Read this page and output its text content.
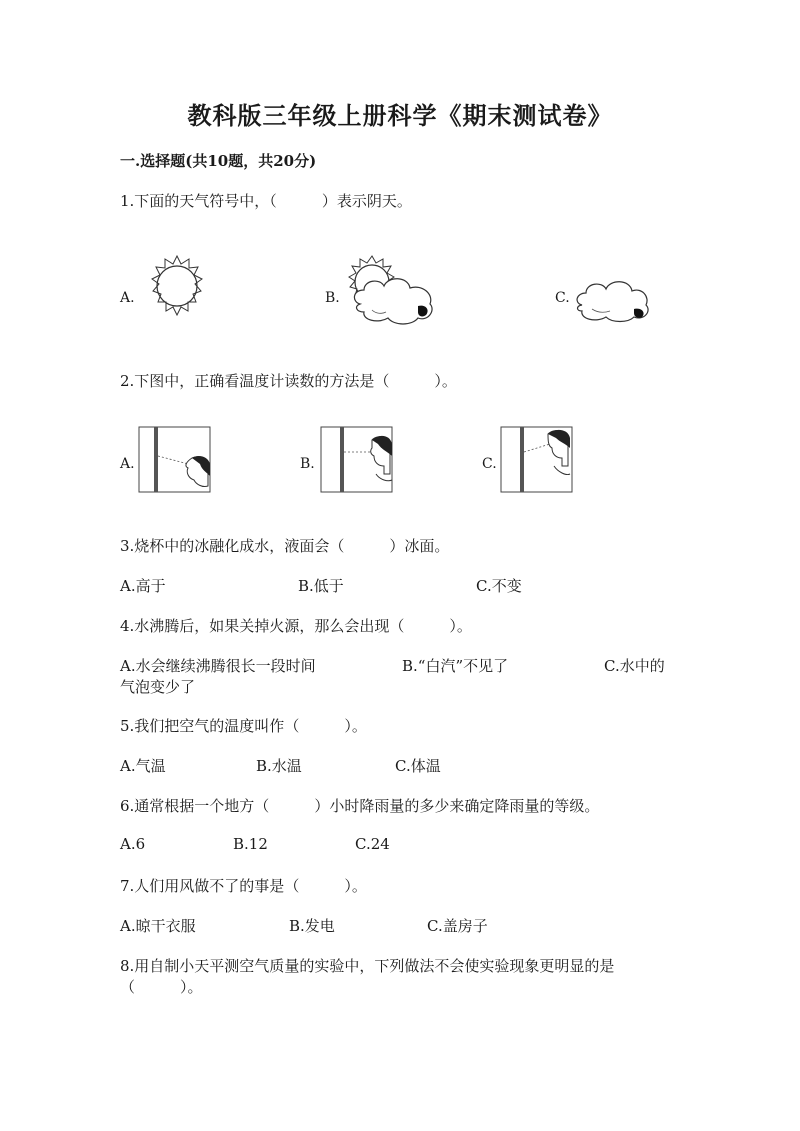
教科版三年级上册科学《期末测试卷》
一.选择题(共10题，共20分)
1.下面的天气符号中，（　　　）表示阴天。
A.	B.	C.
2.下图中，正确看温度计读数的方法是（　　　）。
A.	B.	C.
3.烧杯中的冰融化成水，液面会（　　　）冰面。
A.高于	B.低于	C.不变
4.水沸腾后，如果关掉火源，那么会出现（　　　）。
A.水会继续沸腾很长一段时间	B.“白汽”不见了	C.水中的
气泡变少了
5.我们把空气的温度叫作（　　　）。
A.气温	B.水温	C.体温
6.通常根据一个地方（　　　）小时降雨量的多少来确定降雨量的等级。
A.6	B.12	C.24
7.人们用风做不了的事是（　　　）。
A.晾干衣服	B.发电	C.盖房子
8.用自制小天平测空气质量的实验中，下列做法不会使实验现象更明显的是
（　　　）。
